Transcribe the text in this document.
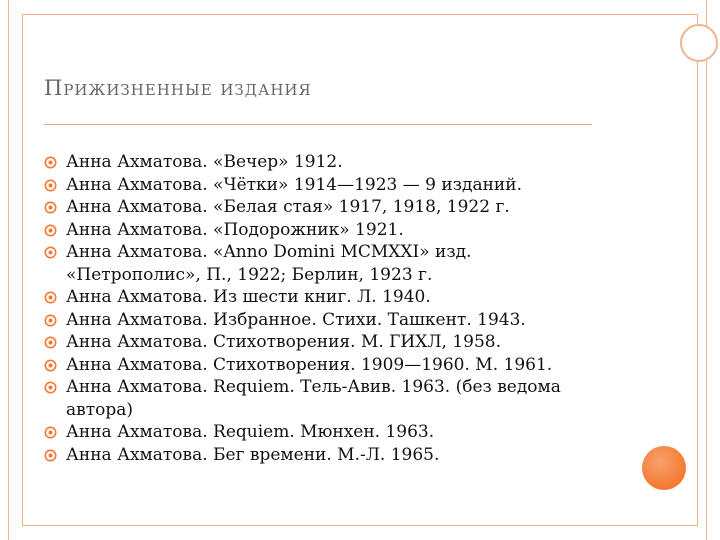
Прижизненные издания
Анна Ахматова. «Вечер» 1912.
Анна Ахматова. «Чётки» 1914—1923 — 9 изданий.
Анна Ахматова. «Белая стая» 1917, 1918, 1922 г.
Анна Ахматова. «Подорожник» 1921.
Анна Ахматова. «Anno Domini MCMXXI» изд. «Петрополис», П., 1922; Берлин, 1923 г.
Анна Ахматова. Из шести книг. Л. 1940.
Анна Ахматова. Избранное. Стихи. Ташкент. 1943.
Анна Ахматова. Стихотворения. М. ГИХЛ, 1958.
Анна Ахматова. Стихотворения. 1909—1960. М. 1961.
Анна Ахматова. Requiem. Тель-Авив. 1963. (без ведома автора)
Анна Ахматова. Requiem. Мюнхен. 1963.
Анна Ахматова. Бег времени. М.-Л. 1965.
